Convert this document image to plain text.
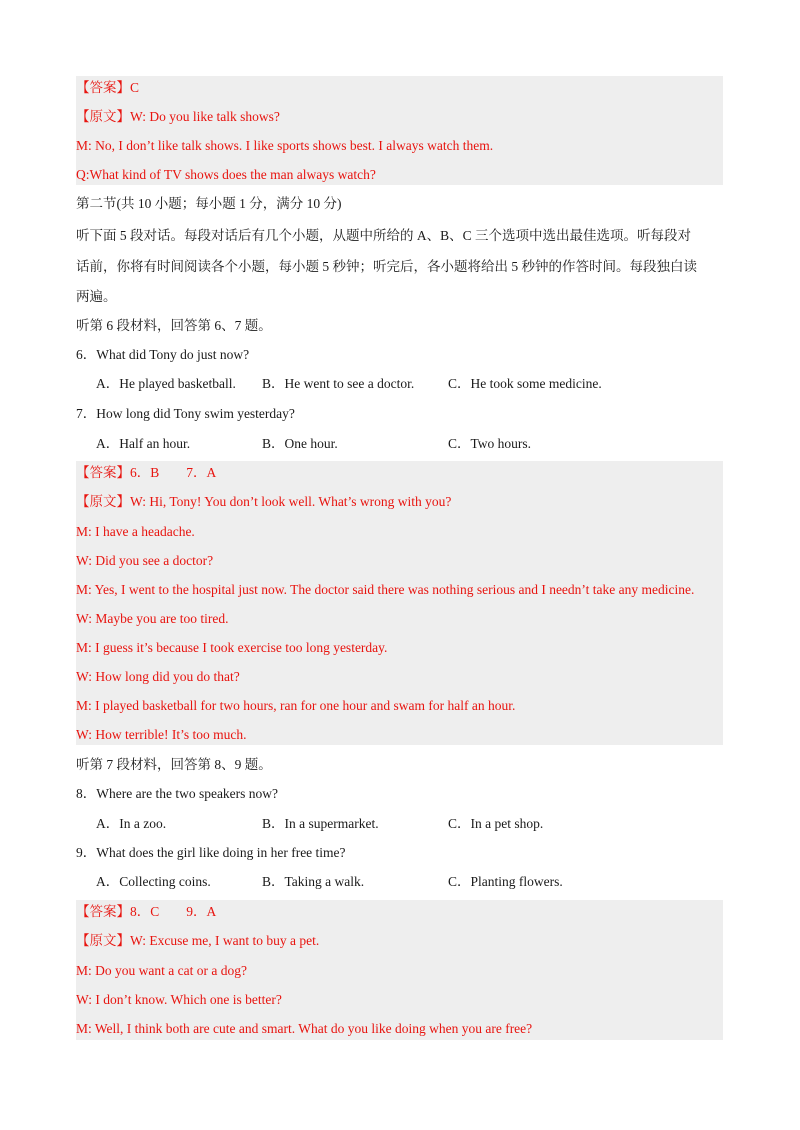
【答案】C
【原文】W: Do you like talk shows?
M: No, I don’t like talk shows. I like sports shows best. I always watch them.
Q:What kind of TV shows does the man always watch?
第二节(共 10 小题；每小题 1 分，满分 10 分)
听下面 5 段对话。每段对话后有几个小题，从题中所给的 A、B、C 三个选项中选出最佳选项。听每段对
话前，你将有时间阅读各个小题，每小题 5 秒钟；听完后，各小题将给出 5 秒钟的作答时间。每段独白读
两遍。
听第 6 段材料，回答第 6、7 题。
6．What did Tony do just now?
A．He played basketball. B．He went to see a doctor.	C．He took some medicine.
7．How long did Tony swim yesterday?
A．Half an hour.	B．One hour.	C．Two hours.
【答案】6．B　　7．A
【原文】W: Hi, Tony! You don’t look well. What’s wrong with you?
M: I have a headache.
W: Did you see a doctor?
M: Yes, I went to the hospital just now. The doctor said there was nothing serious and I needn’t take any medicine.
W: Maybe you are too tired.
M: I guess it’s because I took exercise too long yesterday.
W: How long did you do that?
M: I played basketball for two hours, ran for one hour and swam for half an hour.
W: How terrible! It’s too much.
听第 7 段材料，回答第 8、9 题。
8．Where are the two speakers now?
A．In a zoo.	B．In a supermarket.	C．In a pet shop.
9．What does the girl like doing in her free time?
A．Collecting coins.	B．Taking a walk.	C．Planting flowers.
【答案】8．C　　9．A
【原文】W: Excuse me, I want to buy a pet.
M: Do you want a cat or a dog?
W: I don’t know. Which one is better?
M: Well, I think both are cute and smart. What do you like doing when you are free?
